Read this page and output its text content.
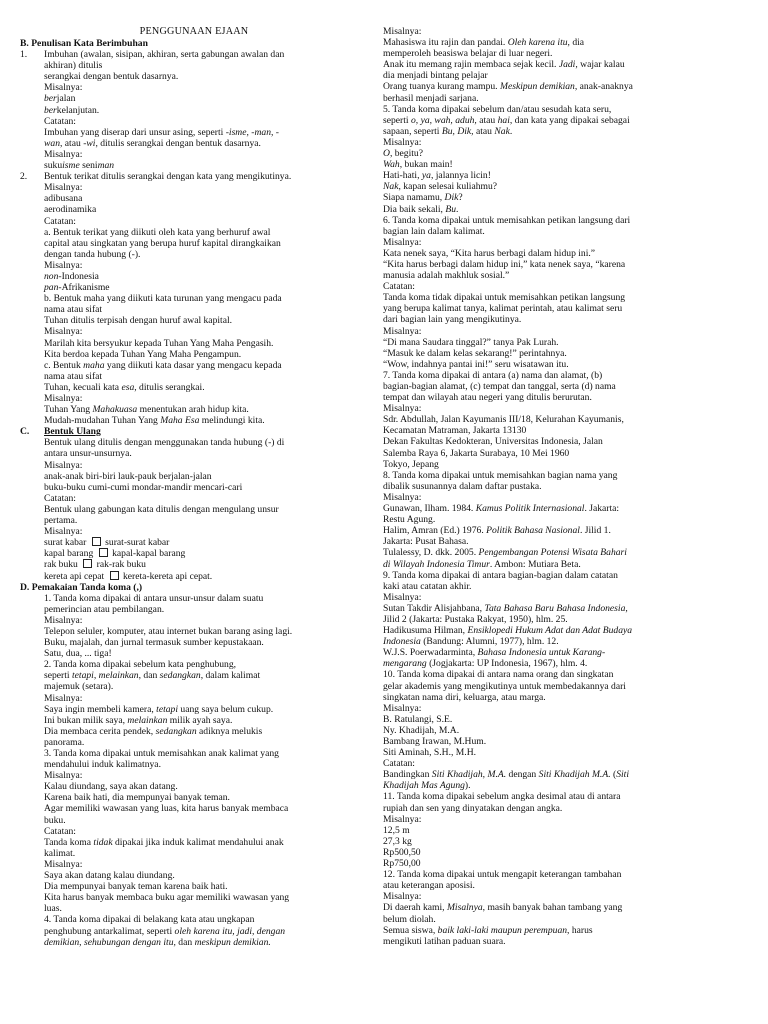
PENGGUNAAN EJAAN
B. Penulisan Kata Berimbuhan
1. Imbuhan (awalan, sisipan, akhiran, serta gabungan awalan dan
akhiran) ditulis
serangkai dengan bentuk dasarnya.
Misalnya:
berjalan
berkelanjutan.
Catatan:
Imbuhan yang diserap dari unsur asing, seperti -isme, -man, -
wan, atau -wi, ditulis serangkai dengan bentuk dasarnya.
Misalnya:
sukuisme seniman
2. Bentuk terikat ditulis serangkai dengan kata yang mengikutinya.
Misalnya:
adibusana
aerodinamika
Catatan:
a. Bentuk terikat yang diikuti oleh kata yang berhuruf awal
capital atau singkatan yang berupa huruf kapital dirangkaikan
dengan tanda hubung (-).
Misalnya:
non-Indonesia
pan-Afrikanisme
b. Bentuk maha yang diikuti kata turunan yang mengacu pada
nama atau sifat
Tuhan ditulis terpisah dengan huruf awal kapital.
Misalnya:
Marilah kita bersyukur kepada Tuhan Yang Maha Pengasih.
Kita berdoa kepada Tuhan Yang Maha Pengampun.
c. Bentuk maha yang diikuti kata dasar yang mengacu kepada
nama atau sifat
Tuhan, kecuali kata esa, ditulis serangkai.
Misalnya:
Tuhan Yang Mahakuasa menentukan arah hidup kita.
Mudah-mudahan Tuhan Yang Maha Esa melindungi kita.
C. Bentuk Ulang
Bentuk ulang ditulis dengan menggunakan tanda hubung (-) di
antara unsur-unsurnya.
Misalnya:
anak-anak biri-biri lauk-pauk berjalan-jalan
buku-buku cumi-cumi mondar-mandir mencari-cari
Catatan:
Bentuk ulang gabungan kata ditulis dengan mengulang unsur
pertama.
Misalnya:
surat kabar  surat-surat kabar
kapal barang  kapal-kapal barang
rak buku  rak-rak buku
kereta api cepat  kereta-kereta api cepat.
D. Pemakaian Tanda koma (,)
1. Tanda koma dipakai di antara unsur-unsur dalam suatu
pemerincian atau pembilangan.
Misalnya:
Telepon seluler, komputer, atau internet bukan barang asing lagi.
Buku, majalah, dan jurnal termasuk sumber kepustakaan.
Satu, dua, ... tiga!
2. Tanda koma dipakai sebelum kata penghubung,
seperti tetapi, melainkan, dan sedangkan, dalam kalimat
majemuk (setara).
Misalnya:
Saya ingin membeli kamera, tetapi uang saya belum cukup.
Ini bukan milik saya, melainkan milik ayah saya.
Dia membaca cerita pendek, sedangkan adiknya melukis
panorama.
3. Tanda koma dipakai untuk memisahkan anak kalimat yang
mendahului induk kalimatnya.
Misalnya:
Kalau diundang, saya akan datang.
Karena baik hati, dia mempunyai banyak teman.
Agar memiliki wawasan yang luas, kita harus banyak membaca
buku.
Catatan:
Tanda koma tidak dipakai jika induk kalimat mendahului anak
kalimat.
Misalnya:
Saya akan datang kalau diundang.
Dia mempunyai banyak teman karena baik hati.
Kita harus banyak membaca buku agar memiliki wawasan yang
luas.
4. Tanda koma dipakai di belakang kata atau ungkapan
penghubung antarkalimat, seperti oleh karena itu, jadi, dengan
demikian, sehubungan dengan itu, dan meskipun demikian.
Misalnya:
Mahasiswa itu rajin dan pandai. Oleh karena itu, dia
memperoleh beasiswa belajar di luar negeri.
Anak itu memang rajin membaca sejak kecil. Jadi, wajar kalau
dia menjadi bintang pelajar
Orang tuanya kurang mampu. Meskipun demikian, anak-anaknya
berhasil menjadi sarjana.
5. Tanda koma dipakai sebelum dan/atau sesudah kata seru,
seperti o, ya, wah, aduh, atau hai, dan kata yang dipakai sebagai
sapaan, seperti Bu, Dik, atau Nak.
Misalnya:
O, begitu?
Wah, bukan main!
Hati-hati, ya, jalannya licin!
Nak, kapan selesai kuliahmu?
Siapa namamu, Dik?
Dia baik sekali, Bu.
6. Tanda koma dipakai untuk memisahkan petikan langsung dari
bagian lain dalam kalimat.
Misalnya:
Kata nenek saya, “Kita harus berbagi dalam hidup ini.”
“Kita harus berbagi dalam hidup ini,” kata nenek saya, “karena
manusia adalah makhluk sosial.”
Catatan:
Tanda koma tidak dipakai untuk memisahkan petikan langsung
yang berupa kalimat tanya, kalimat perintah, atau kalimat seru
dari bagian lain yang mengikutinya.
Misalnya:
“Di mana Saudara tinggal?” tanya Pak Lurah.
“Masuk ke dalam kelas sekarang!” perintahnya.
“Wow, indahnya pantai ini!” seru wisatawan itu.
7. Tanda koma dipakai di antara (a) nama dan alamat, (b)
bagian-bagian alamat, (c) tempat dan tanggal, serta (d) nama
tempat dan wilayah atau negeri yang ditulis berurutan.
Misalnya:
Sdr. Abdullah, Jalan Kayumanis III/18, Kelurahan Kayumanis,
Kecamatan Matraman, Jakarta 13130
Dekan Fakultas Kedokteran, Universitas Indonesia, Jalan
Salemba Raya 6, Jakarta Surabaya, 10 Mei 1960
Tokyo, Jepang
8. Tanda koma dipakai untuk memisahkan bagian nama yang
dibalik susunannya dalam daftar pustaka.
Misalnya:
Gunawan, Ilham. 1984. Kamus Politik Internasional. Jakarta:
Restu Agung.
Halim, Amran (Ed.) 1976. Politik Bahasa Nasional. Jilid 1.
Jakarta: Pusat Bahasa.
Tulalessy, D. dkk. 2005. Pengembangan Potensi Wisata Bahari
di Wilayah Indonesia Timur. Ambon: Mutiara Beta.
9. Tanda koma dipakai di antara bagian-bagian dalam catatan
kaki atau catatan akhir.
Misalnya:
Sutan Takdir Alisjahbana, Tata Bahasa Baru Bahasa Indonesia,
Jilid 2 (Jakarta: Pustaka Rakyat, 1950), hlm. 25.
Hadikusuma Hilman, Ensiklopedi Hukum Adat dan Adat Budaya
Indonesia (Bandung: Alumni, 1977), hlm. 12.
W.J.S. Poerwadarminta, Bahasa Indonesia untuk Karang-
mengarang (Jogjakarta: UP Indonesia, 1967), hlm. 4.
10. Tanda koma dipakai di antara nama orang dan singkatan
gelar akademis yang mengikutinya untuk membedakannya dari
singkatan nama diri, keluarga, atau marga.
Misalnya:
B. Ratulangi, S.E.
Ny. Khadijah, M.A.
Bambang Irawan, M.Hum.
Siti Aminah, S.H., M.H.
Catatan:
Bandingkan Siti Khadijah, M.A. dengan Siti Khadijah M.A. (Siti
Khadijah Mas Agung).
11. Tanda koma dipakai sebelum angka desimal atau di antara
rupiah dan sen yang dinyatakan dengan angka.
Misalnya:
12,5 m
27,3 kg
Rp500,50
Rp750,00
12. Tanda koma dipakai untuk mengapit keterangan tambahan
atau keterangan aposisi.
Misalnya:
Di daerah kami, Misalnya, masih banyak bahan tambang yang
belum diolah.
Semua siswa, baik laki-laki maupun perempuan, harus
mengikuti latihan paduan suara.
